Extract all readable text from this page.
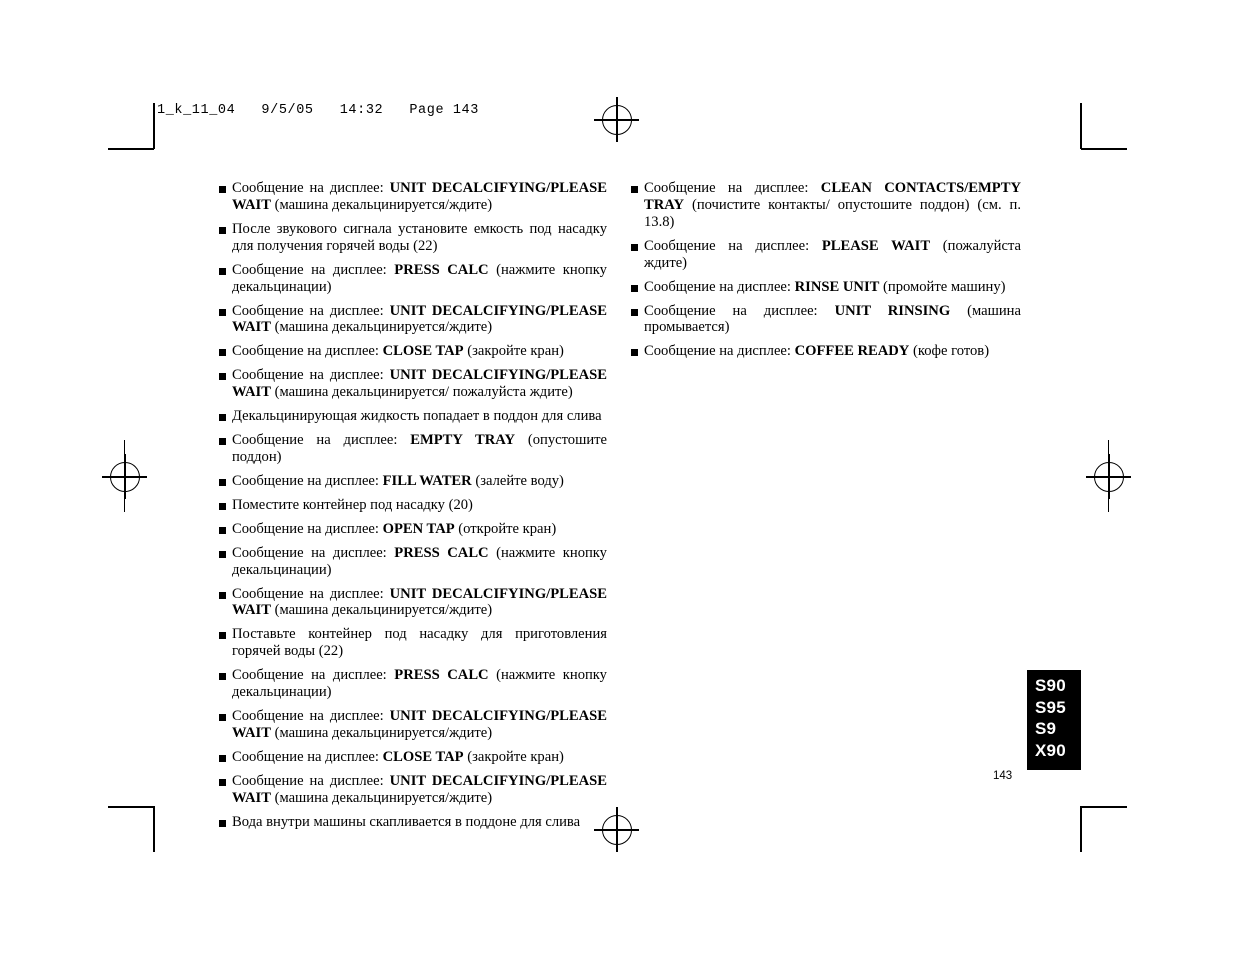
1_k_11_04   9/5/05   14:32   Page 143
Сообщение на дисплее: UNIT DECALCIFYING/PLEASE WAIT (машина декальцинируется/ждите)
После звукового сигнала установите емкость под насадку для получения горячей воды (22)
Сообщение на дисплее: PRESS CALC (нажмите кнопку декальцинации)
Сообщение на дисплее: UNIT DECALCIFYING/PLEASE WAIT (машина декальцинируется/ждите)
Сообщение на дисплее: CLOSE TAP (закройте кран)
Сообщение на дисплее: UNIT DECALCIFYING/PLEASE WAIT (машина декальцинируется/ пожалуйста ждите)
Декальцинирующая жидкость попадает в поддон для слива
Сообщение на дисплее: EMPTY TRAY (опустошите поддон)
Сообщение на дисплее: FILL WATER (залейте воду)
Поместите контейнер под насадку (20)
Сообщение на дисплее: OPEN TAP (откройте кран)
Сообщение на дисплее: PRESS CALC (нажмите кнопку декальцинации)
Сообщение на дисплее: UNIT DECALCIFYING/PLEASE WAIT (машина декальцинируется/ждите)
Поставьте контейнер под насадку для приготовления горячей воды (22)
Сообщение на дисплее: PRESS CALC (нажмите кнопку декальцинации)
Сообщение на дисплее: UNIT DECALCIFYING/PLEASE WAIT (машина декальцинируется/ждите)
Сообщение на дисплее: CLOSE TAP (закройте кран)
Сообщение на дисплее: UNIT DECALCIFYING/PLEASE WAIT (машина декальцинируется/ждите)
Вода внутри машины скапливается в поддоне для слива
Сообщение на дисплее: CLEAN CONTACTS/EMPTY TRAY (почистите контакты/ опустошите поддон) (см. п. 13.8)
Сообщение на дисплее: PLEASE WAIT (пожалуйста ждите)
Сообщение на дисплее: RINSE UNIT (промойте машину)
Сообщение на дисплее: UNIT RINSING (машина промывается)
Сообщение на дисплее: COFFEE READY (кофе готов)
S90
S95
S9
X90
143
